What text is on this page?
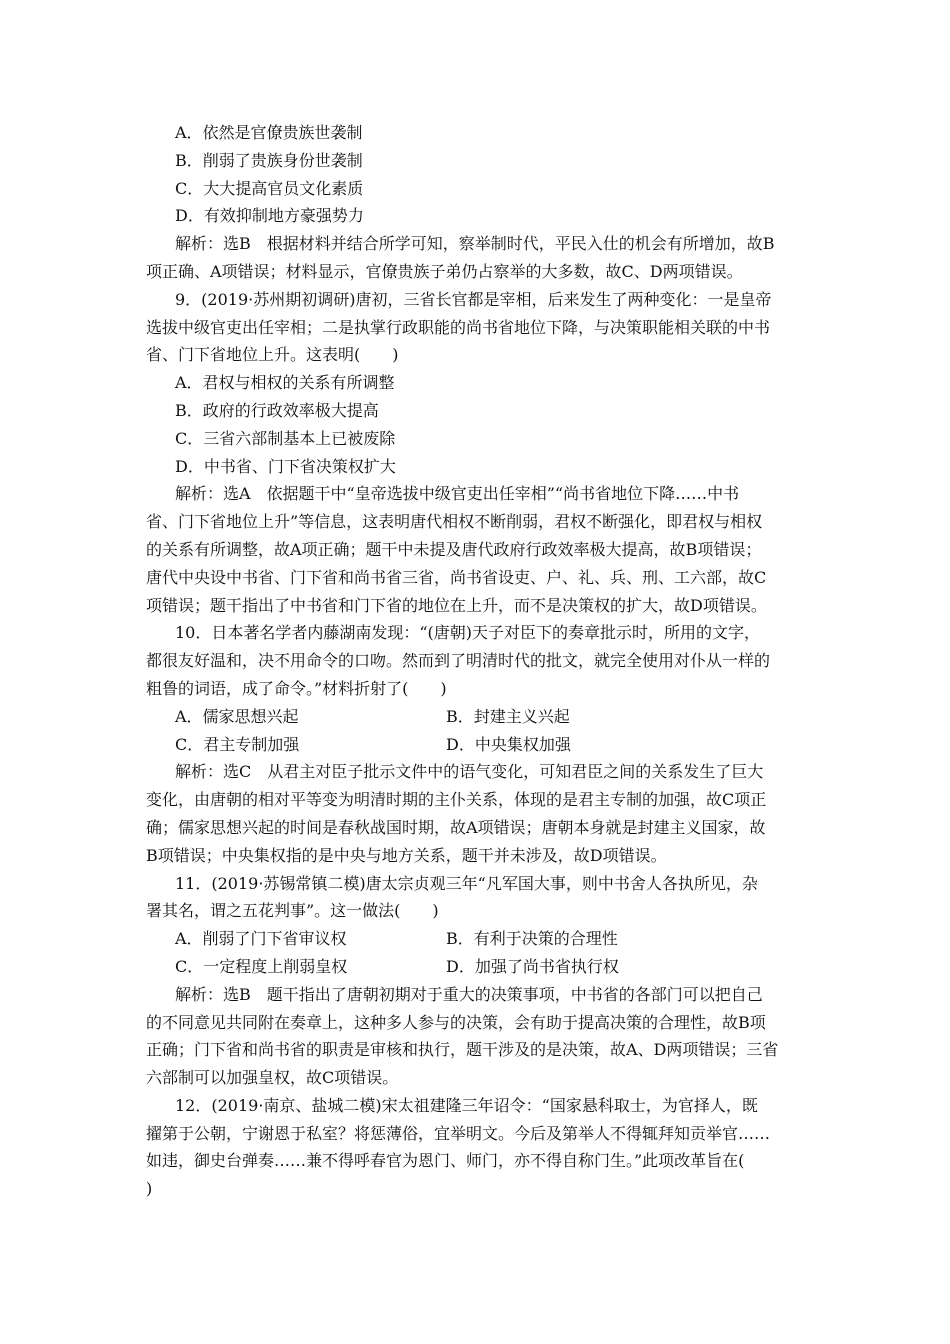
A．依然是官僚贵族世袭制
B．削弱了贵族身份世袭制
C．大大提高官员文化素质
D．有效抑制地方豪强势力
解析：选B　根据材料并结合所学可知，察举制时代，平民入仕的机会有所增加，故B
项正确、A项错误；材料显示，官僚贵族子弟仍占察举的大多数，故C、D两项错误。
9．(2019·苏州期初调研)唐初，三省长官都是宰相，后来发生了两种变化：一是皇帝
选拔中级官吏出任宰相；二是执掌行政职能的尚书省地位下降，与决策职能相关联的中书
省、门下省地位上升。这表明(　　)
A．君权与相权的关系有所调整
B．政府的行政效率极大提高
C．三省六部制基本上已被废除
D．中书省、门下省决策权扩大
解析：选A　依据题干中“皇帝选拔中级官吏出任宰相”“尚书省地位下降……中书
省、门下省地位上升”等信息，这表明唐代相权不断削弱，君权不断强化，即君权与相权
的关系有所调整，故A项正确；题干中未提及唐代政府行政效率极大提高，故B项错误；
唐代中央设中书省、门下省和尚书省三省，尚书省设吏、户、礼、兵、刑、工六部，故C
项错误；题干指出了中书省和门下省的地位在上升，而不是决策权的扩大，故D项错误。
10．日本著名学者内藤湖南发现：“(唐朝)天子对臣下的奏章批示时，所用的文字，
都很友好温和，决不用命令的口吻。然而到了明清时代的批文，就完全使用对仆从一样的
粗鲁的词语，成了命令。”材料折射了(　　)
A．儒家思想兴起	B．封建主义兴起
C．君主专制加强	D．中央集权加强
解析：选C　从君主对臣子批示文件中的语气变化，可知君臣之间的关系发生了巨大
变化，由唐朝的相对平等变为明清时期的主仆关系，体现的是君主专制的加强，故C项正
确；儒家思想兴起的时间是春秋战国时期，故A项错误；唐朝本身就是封建主义国家，故
B项错误；中央集权指的是中央与地方关系，题干并未涉及，故D项错误。
11．(2019·苏锡常镇二模)唐太宗贞观三年“凡军国大事，则中书舍人各执所见，杂
署其名，谓之五花判事”。这一做法(　　)
A．削弱了门下省审议权	B．有利于决策的合理性
C．一定程度上削弱皇权	D．加强了尚书省执行权
解析：选B　题干指出了唐朝初期对于重大的决策事项，中书省的各部门可以把自己
的不同意见共同附在奏章上，这种多人参与的决策，会有助于提高决策的合理性，故B项
正确；门下省和尚书省的职责是审核和执行，题干涉及的是决策，故A、D两项错误；三省
六部制可以加强皇权，故C项错误。
12．(2019·南京、盐城二模)宋太祖建隆三年诏令：“国家悬科取士，为官择人，既
擢第于公朝，宁谢恩于私室？将惩薄俗，宜举明文。今后及第举人不得辄拜知贡举官……
如违，御史台弹奏……兼不得呼春官为恩门、师门，亦不得自称门生。”此项改革旨在(
)
